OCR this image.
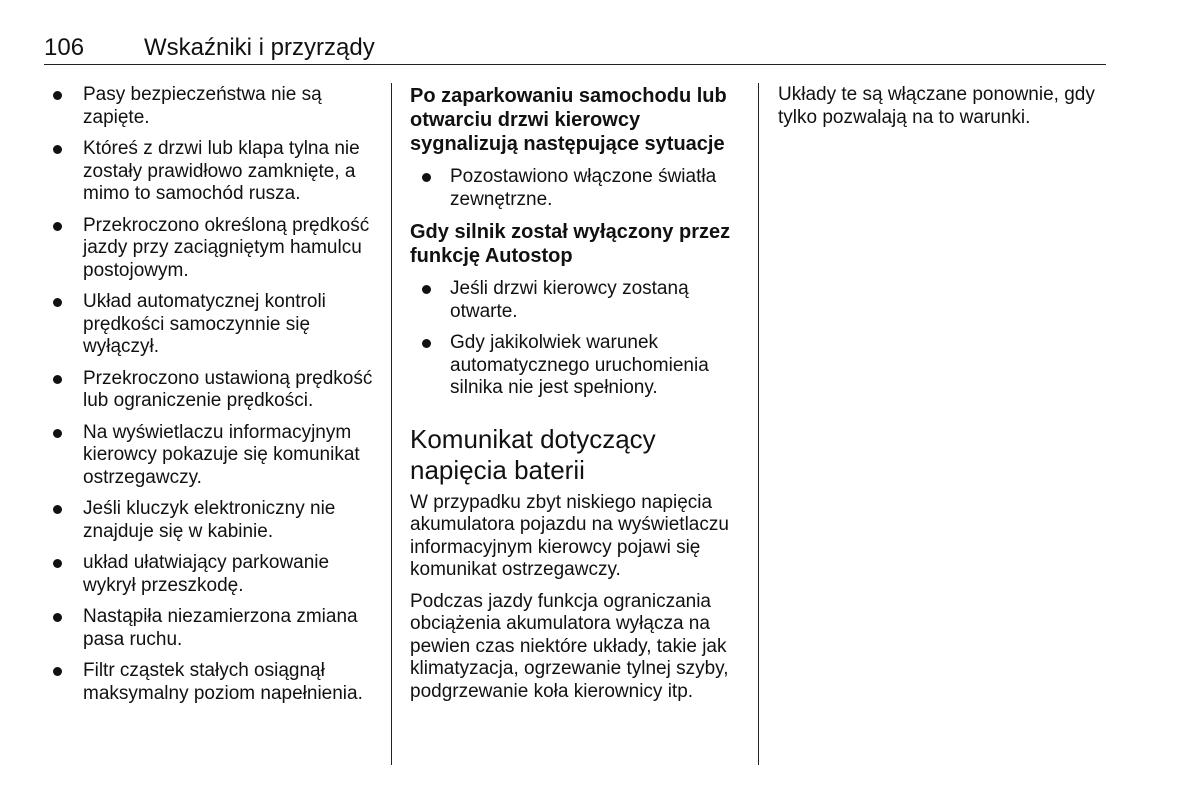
106 Wskaźniki i przyrządy
Pasy bezpieczeństwa nie są zapięte.
Któreś z drzwi lub klapa tylna nie zostały prawidłowo zamknięte, a mimo to samochód rusza.
Przekroczono określoną prędkość jazdy przy zaciągniętym hamulcu postojowym.
Układ automatycznej kontroli prędkości samoczynnie się wyłączył.
Przekroczono ustawioną prędkość lub ograniczenie prędkości.
Na wyświetlaczu informacyjnym kierowcy pokazuje się komunikat ostrzegawczy.
Jeśli kluczyk elektroniczny nie znajduje się w kabinie.
układ ułatwiający parkowanie wykrył przeszkodę.
Nastąpiła niezamierzona zmiana pasa ruchu.
Filtr cząstek stałych osiągnął maksymalny poziom napełnienia.
Po zaparkowaniu samochodu lub otwarciu drzwi kierowcy sygnalizują następujące sytuacje
Pozostawiono włączone światła zewnętrzne.
Gdy silnik został wyłączony przez funkcję Autostop
Jeśli drzwi kierowcy zostaną otwarte.
Gdy jakikolwiek warunek automatycznego uruchomienia silnika nie jest spełniony.
Komunikat dotyczący napięcia baterii

W przypadku zbyt niskiego napięcia akumulatora pojazdu na wyświetlaczu informacyjnym kierowcy pojawi się komunikat ostrzegawczy.

Podczas jazdy funkcja ograniczania obciążenia akumulatora wyłącza na pewien czas niektóre układy, takie jak klimatyzacja, ogrzewanie tylnej szyby, podgrzewanie koła kierownicy itp.

Układy te są włączane ponownie, gdy tylko pozwalają na to warunki.
